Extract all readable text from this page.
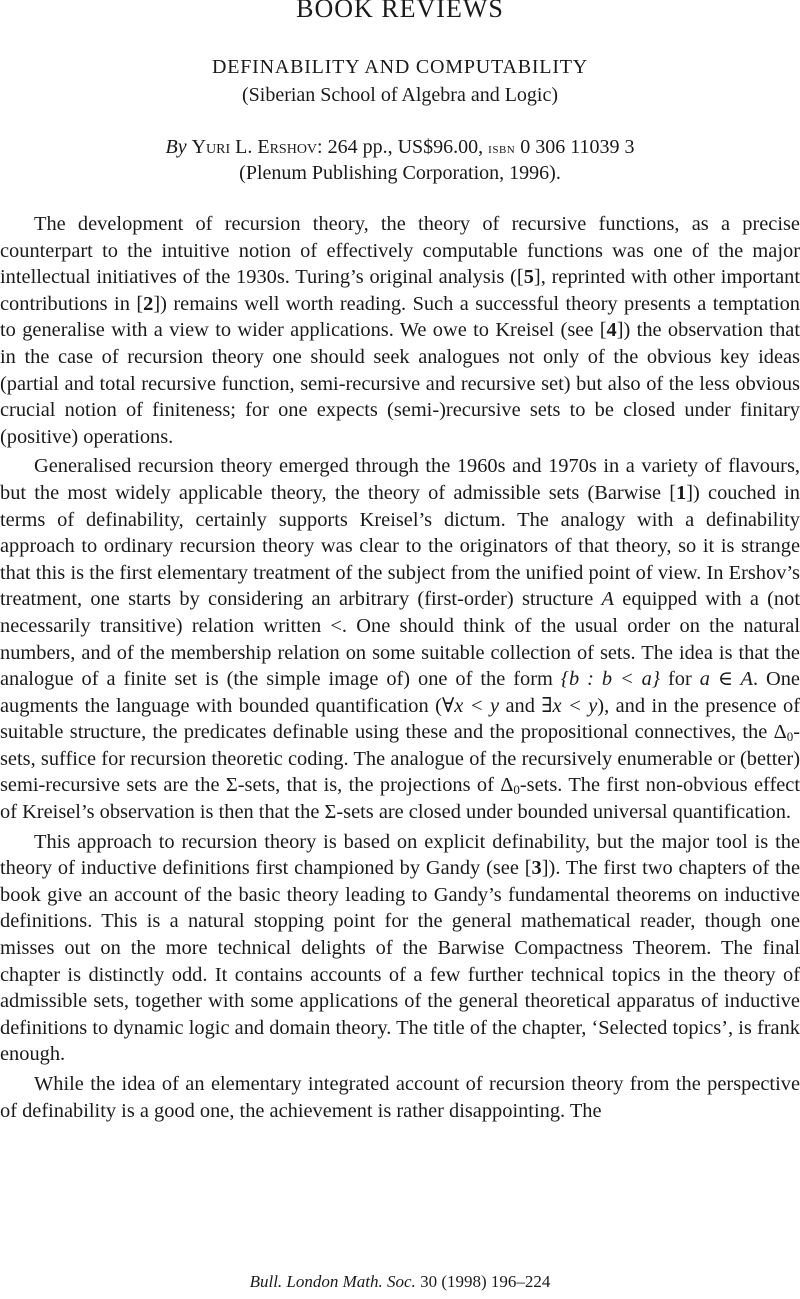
BOOK REVIEWS
DEFINABILITY AND COMPUTABILITY
(Siberian School of Algebra and Logic)
By Yuri L. Ershov: 264 pp., US$96.00, isbn 0 306 11039 3
(Plenum Publishing Corporation, 1996).

The development of recursion theory, the theory of recursive functions, as a precise counterpart to the intuitive notion of effectively computable functions was one of the major intellectual initiatives of the 1930s. Turing’s original analysis ([5], reprinted with other important contributions in [2]) remains well worth reading. Such a successful theory presents a temptation to generalise with a view to wider applications. We owe to Kreisel (see [4]) the observation that in the case of recursion theory one should seek analogues not only of the obvious key ideas (partial and total recursive function, semi-recursive and recursive set) but also of the less obvious crucial notion of finiteness; for one expects (semi-)recursive sets to be closed under finitary (positive) operations.

Generalised recursion theory emerged through the 1960s and 1970s in a variety of flavours, but the most widely applicable theory, the theory of admissible sets (Barwise [1]) couched in terms of definability, certainly supports Kreisel’s dictum. The analogy with a definability approach to ordinary recursion theory was clear to the originators of that theory, so it is strange that this is the first elementary treatment of the subject from the unified point of view. In Ershov’s treatment, one starts by considering an arbitrary (first-order) structure A equipped with a (not necessarily transitive) relation written <. One should think of the usual order on the natural numbers, and of the membership relation on some suitable collection of sets. The idea is that the analogue of a finite set is (the simple image of) one of the form {b : b < a} for a ∈ A. One augments the language with bounded quantification (∀x < y and ∃x < y), and in the presence of suitable structure, the predicates definable using these and the propositional connectives, the $\Delta_0$-sets, suffice for recursion theoretic coding. The analogue of the recursively enumerable or (better) semi-recursive sets are the Σ-sets, that is, the projections of $\Delta_0$-sets. The first non-obvious effect of Kreisel’s observation is then that the Σ-sets are closed under bounded universal quantification.

This approach to recursion theory is based on explicit definability, but the major tool is the theory of inductive definitions first championed by Gandy (see [3]). The first two chapters of the book give an account of the basic theory leading to Gandy’s fundamental theorems on inductive definitions. This is a natural stopping point for the general mathematical reader, though one misses out on the more technical delights of the Barwise Compactness Theorem. The final chapter is distinctly odd. It contains accounts of a few further technical topics in the theory of admissible sets, together with some applications of the general theoretical apparatus of inductive definitions to dynamic logic and domain theory. The title of the chapter, ‘Selected topics’, is frank enough.

While the idea of an elementary integrated account of recursion theory from the perspective of definability is a good one, the achievement is rather disappointing. The

Bull. London Math. Soc. 30 (1998) 196–224
